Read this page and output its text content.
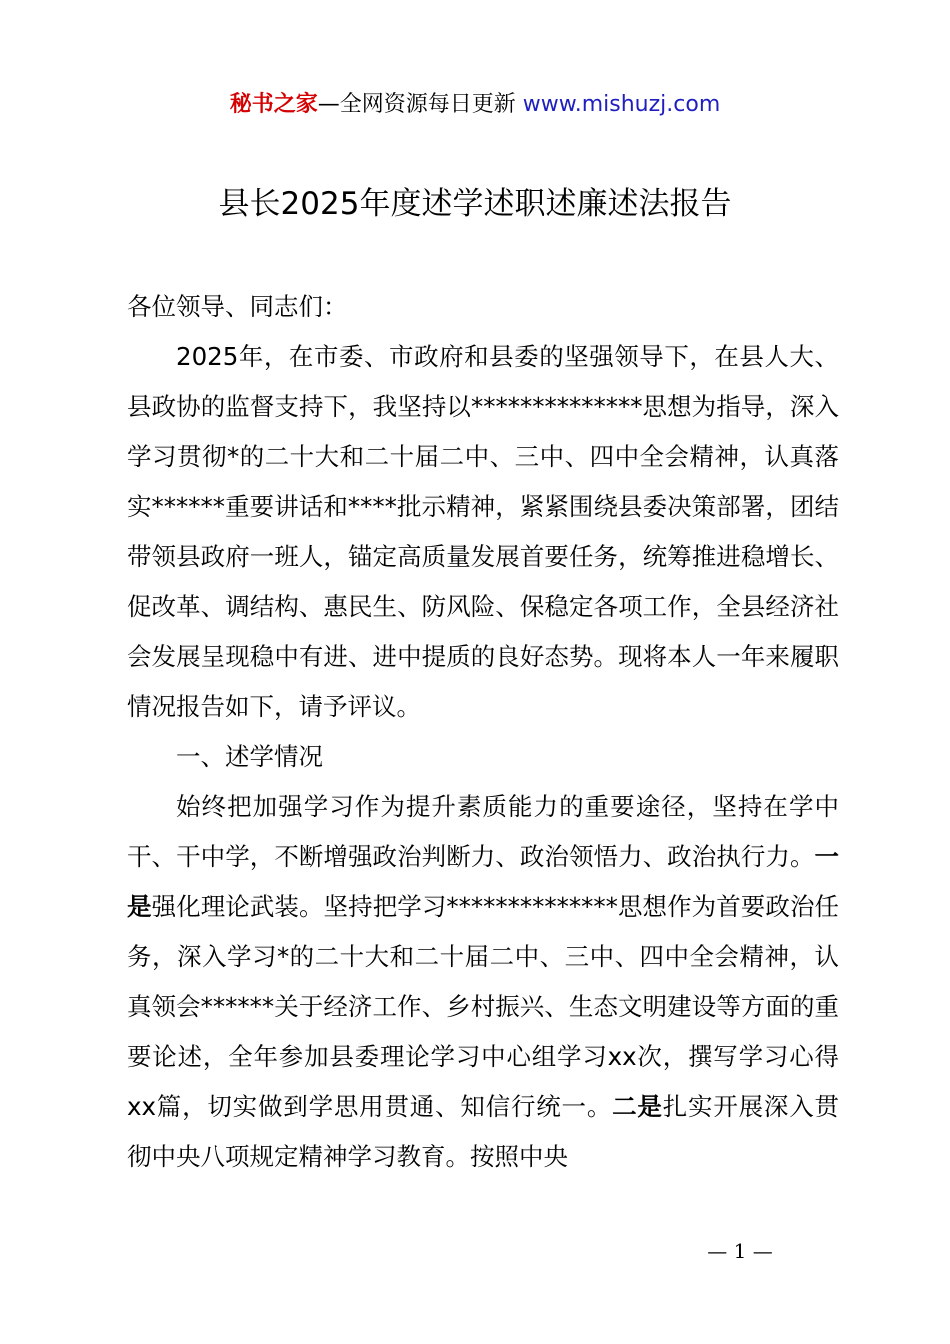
秘书之家—全网资源每日更新 www.mishuzj.com
县长2025年度述学述职述廉述法报告

各位领导、同志们：

2025年，在市委、市政府和县委的坚强领导下，在县人大、县政协的监督支持下，我坚持以**************思想为指导，深入学习贯彻*的二十大和二十届二中、三中、四中全会精神，认真落实******重要讲话和****批示精神，紧紧围绕县委决策部署，团结带领县政府一班人，锚定高质量发展首要任务，统筹推进稳增长、促改革、调结构、惠民生、防风险、保稳定各项工作，全县经济社会发展呈现稳中有进、进中提质的良好态势。现将本人一年来履职情况报告如下，请予评议。

一、述学情况

始终把加强学习作为提升素质能力的重要途径，坚持在学中干、干中学，不断增强政治判断力、政治领悟力、政治执行力。一是强化理论武装。坚持把学习**************思想作为首要政治任务，深入学习*的二十大和二十届二中、三中、四中全会精神，认真领会******关于经济工作、乡村振兴、生态文明建设等方面的重要论述，全年参加县委理论学习中心组学习xx次，撰写学习心得xx篇，切实做到学思用贯通、知信行统一。二是扎实开展深入贯彻中央八项规定精神学习教育。按照中央

— 1 —
